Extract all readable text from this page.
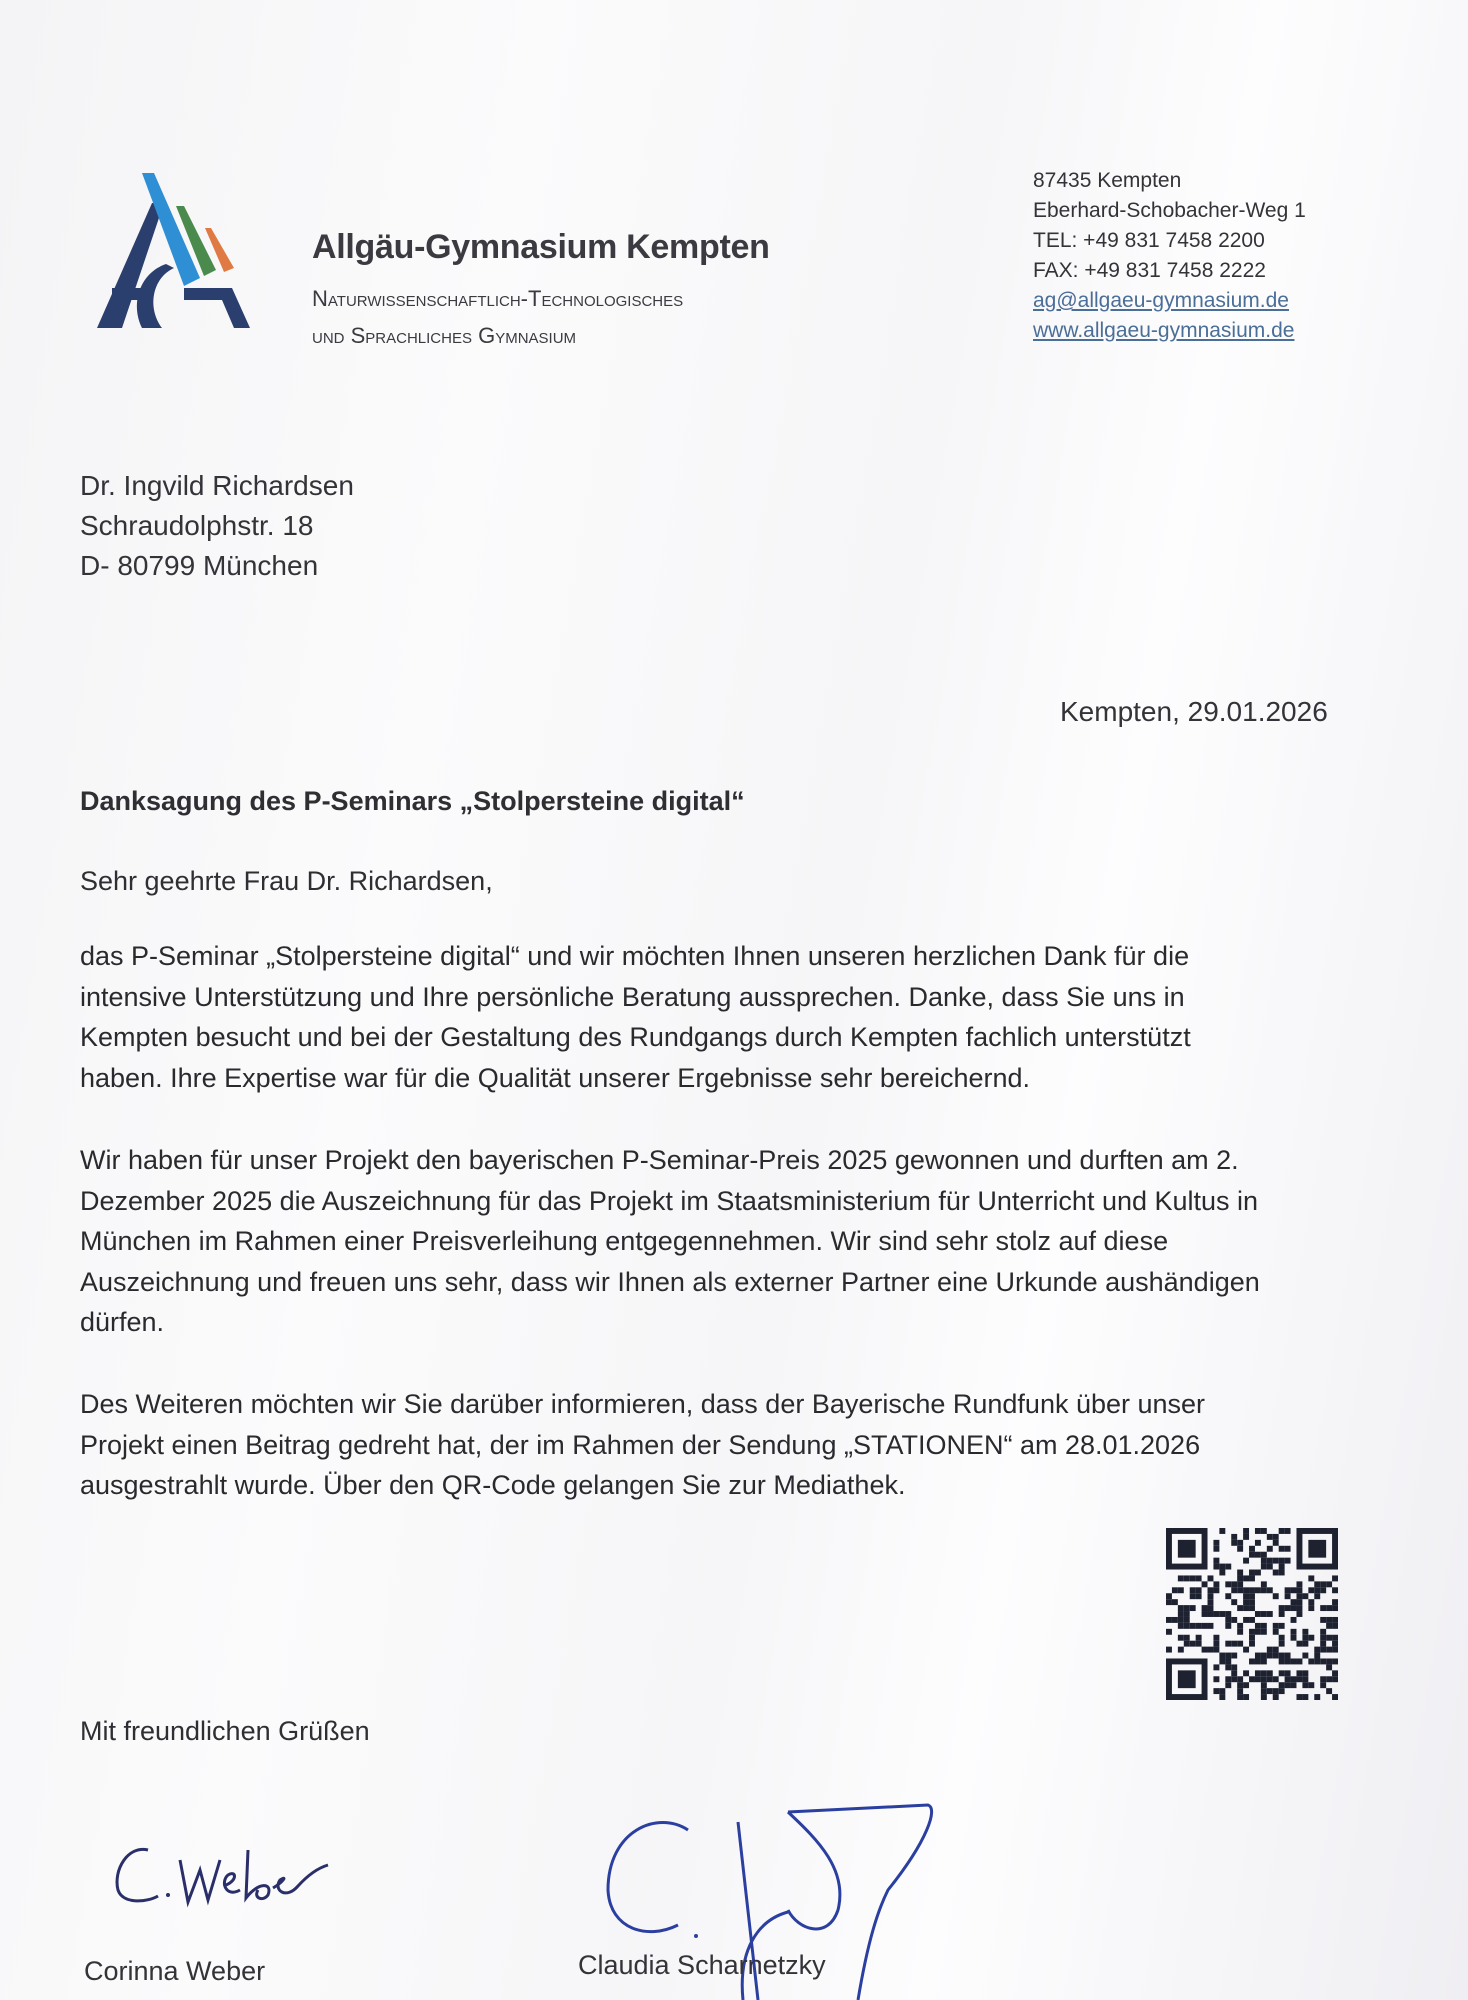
Allgäu-Gymnasium Kempten
Naturwissenschaftlich-Technologisches
und Sprachliches Gymnasium
87435 Kempten
Eberhard-Schobacher-Weg 1
TEL: +49 831 7458 2200
FAX: +49 831 7458 2222
ag@allgaeu-gymnasium.de
www.allgaeu-gymnasium.de
Dr. Ingvild Richardsen
Schraudolphstr. 18
D- 80799 München
Kempten, 29.01.2026
Danksagung des P-Seminars „Stolpersteine digital“
Sehr geehrte Frau Dr. Richardsen,
das P-Seminar „Stolpersteine digital“ und wir möchten Ihnen unseren herzlichen Dank für die
intensive Unterstützung und Ihre persönliche Beratung aussprechen. Danke, dass Sie uns in
Kempten besucht und bei der Gestaltung des Rundgangs durch Kempten fachlich unterstützt
haben. Ihre Expertise war für die Qualität unserer Ergebnisse sehr bereichernd.
Wir haben für unser Projekt den bayerischen P-Seminar-Preis 2025 gewonnen und durften am 2.
Dezember 2025 die Auszeichnung für das Projekt im Staatsministerium für Unterricht und Kultus in
München im Rahmen einer Preisverleihung entgegennehmen. Wir sind sehr stolz auf diese
Auszeichnung und freuen uns sehr, dass wir Ihnen als externer Partner eine Urkunde aushändigen
dürfen.
Des Weiteren möchten wir Sie darüber informieren, dass der Bayerische Rundfunk über unser
Projekt einen Beitrag gedreht hat, der im Rahmen der Sendung „STATIONEN“ am 28.01.2026
ausgestrahlt wurde. Über den QR-Code gelangen Sie zur Mediathek.
Mit freundlichen Grüßen
Corinna Weber	Claudia Scharnetzky
